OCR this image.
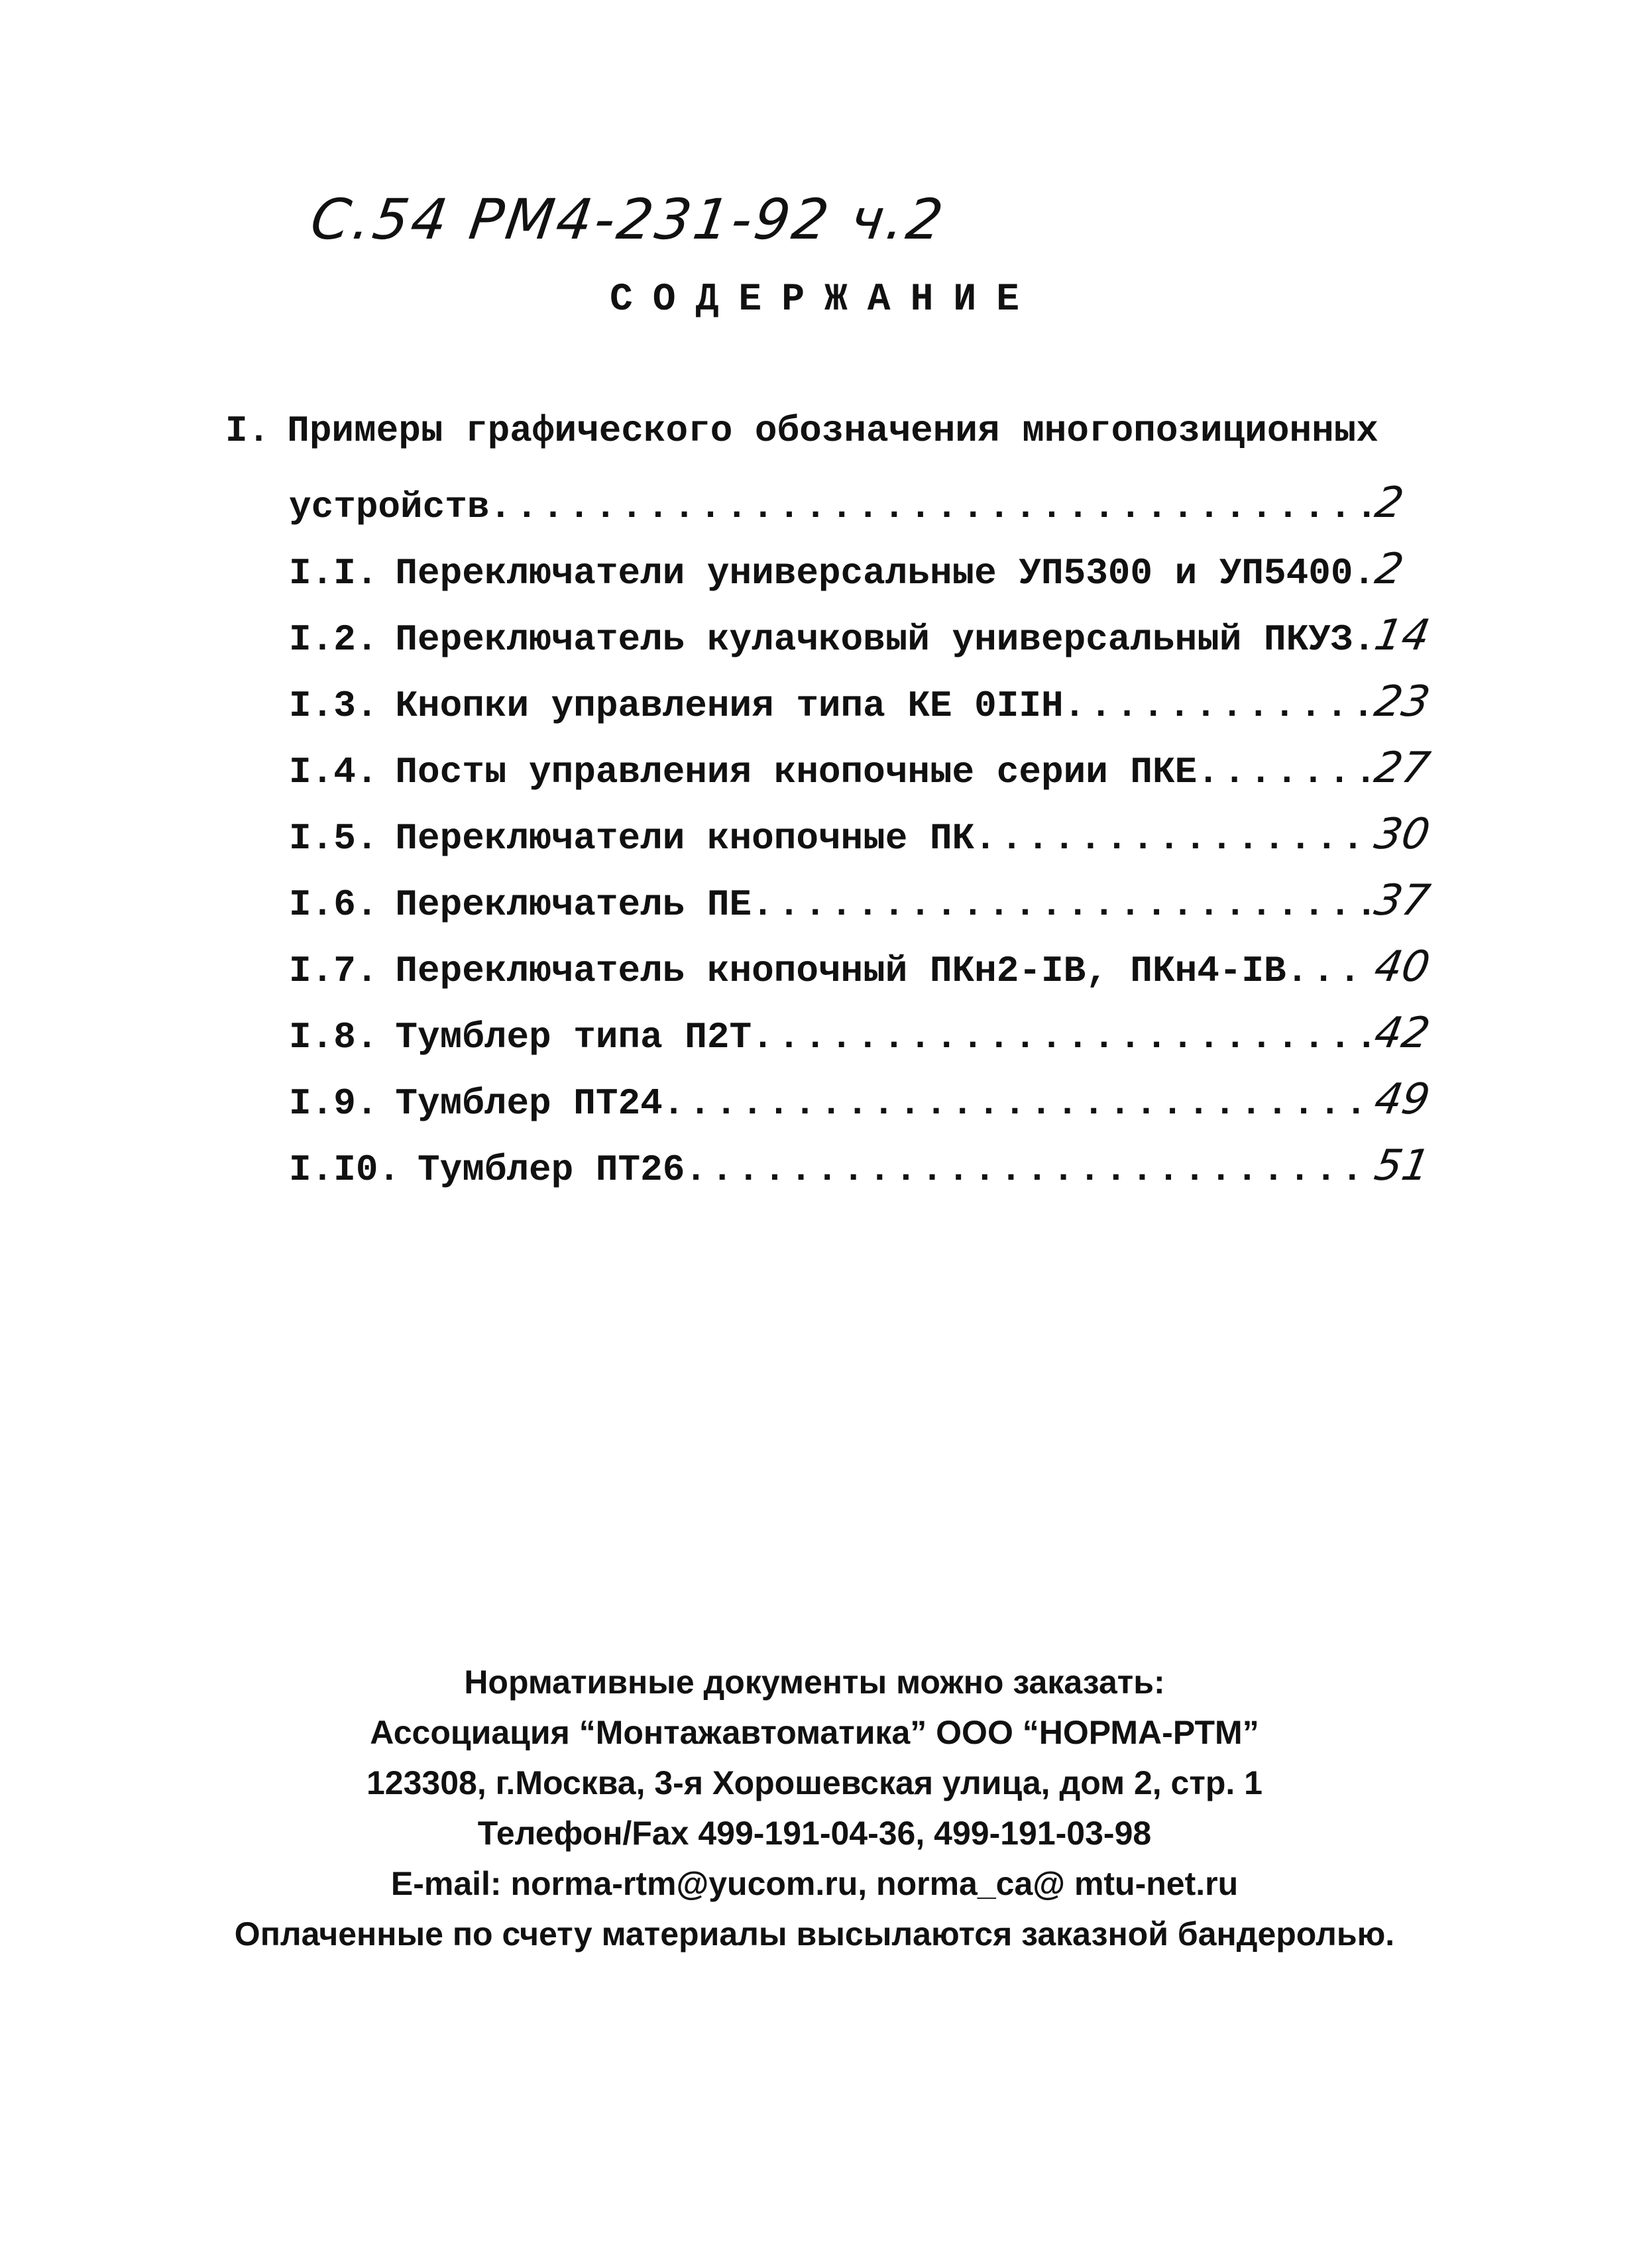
С.54 РМ4-231-92 ч.2
СОДЕРЖАНИЕ
I. Примеры графического обозначения многопозиционных
устройств .....	2
I.I. Переключатели универсальные УП5300 и УП5400 ..... 2
I.2. Переключатель кулачковый универсальный ПКУЗ ..... 14
I.3. Кнопки управления типа КЕ 0IIН .....	23
I.4. Посты управления кнопочные серии ПКЕ .....	27
I.5. Переключатели кнопочные ПК .....	30
I.6. Переключатель ПЕ .....	37
I.7. Переключатель кнопочный ПКн2-IВ, ПКн4-IВ ..... 40
I.8. Тумблер типа П2Т .....	42
I.9. Тумблер ПТ24 .....	49
I.I0. Тумблер ПТ26 .....	51
Нормативные документы можно заказать:
Ассоциация “Монтажавтоматика” ООО “НОРМА-РТМ”
123308, г.Москва, 3-я Хорошевская улица, дом 2, стр. 1
Телефон/Fax 499-191-04-36, 499-191-03-98
E-mail: norma-rtm@yucom.ru, norma_ca@ mtu-net.ru
Оплаченные по счету материалы высылаются заказной бандеролью.
